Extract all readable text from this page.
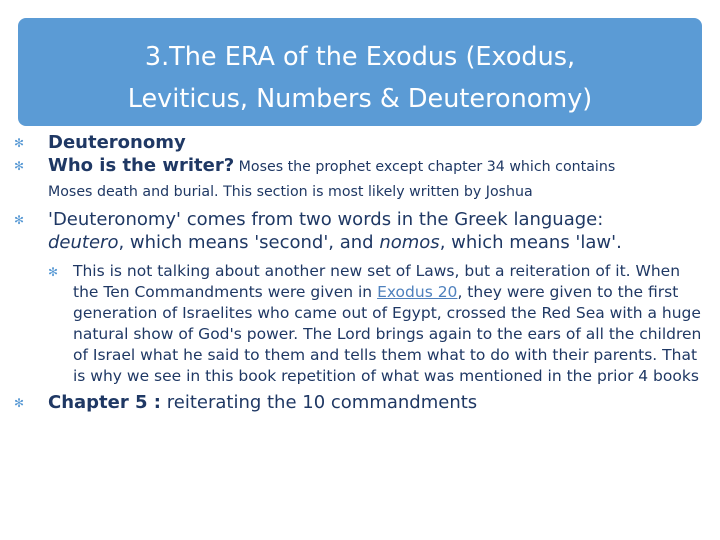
3.The ERA of the Exodus (Exodus,
Leviticus, Numbers & Deuteronomy)

✻ Deuteronomy

✻ Who is the writer? Moses the prophet except chapter 34 which contains
Moses death and burial. This section is most likely written by Joshua

✻ 'Deuteronomy' comes from two words in the Greek language:
deutero, which means 'second', and nomos, which means 'law'.

✻ This is not talking about another new set of Laws, but a reiteration of it. When the Ten Commandments were given in Exodus 20, they were given to the first generation of Israelites who came out of Egypt, crossed the Red Sea with a huge natural show of God's power. The Lord brings again to the ears of all the children of Israel what he said to them and tells them what to do with their parents. That is why we see in this book repetition of what was mentioned in the prior 4 books

✻ Chapter 5 : reiterating the 10 commandments
